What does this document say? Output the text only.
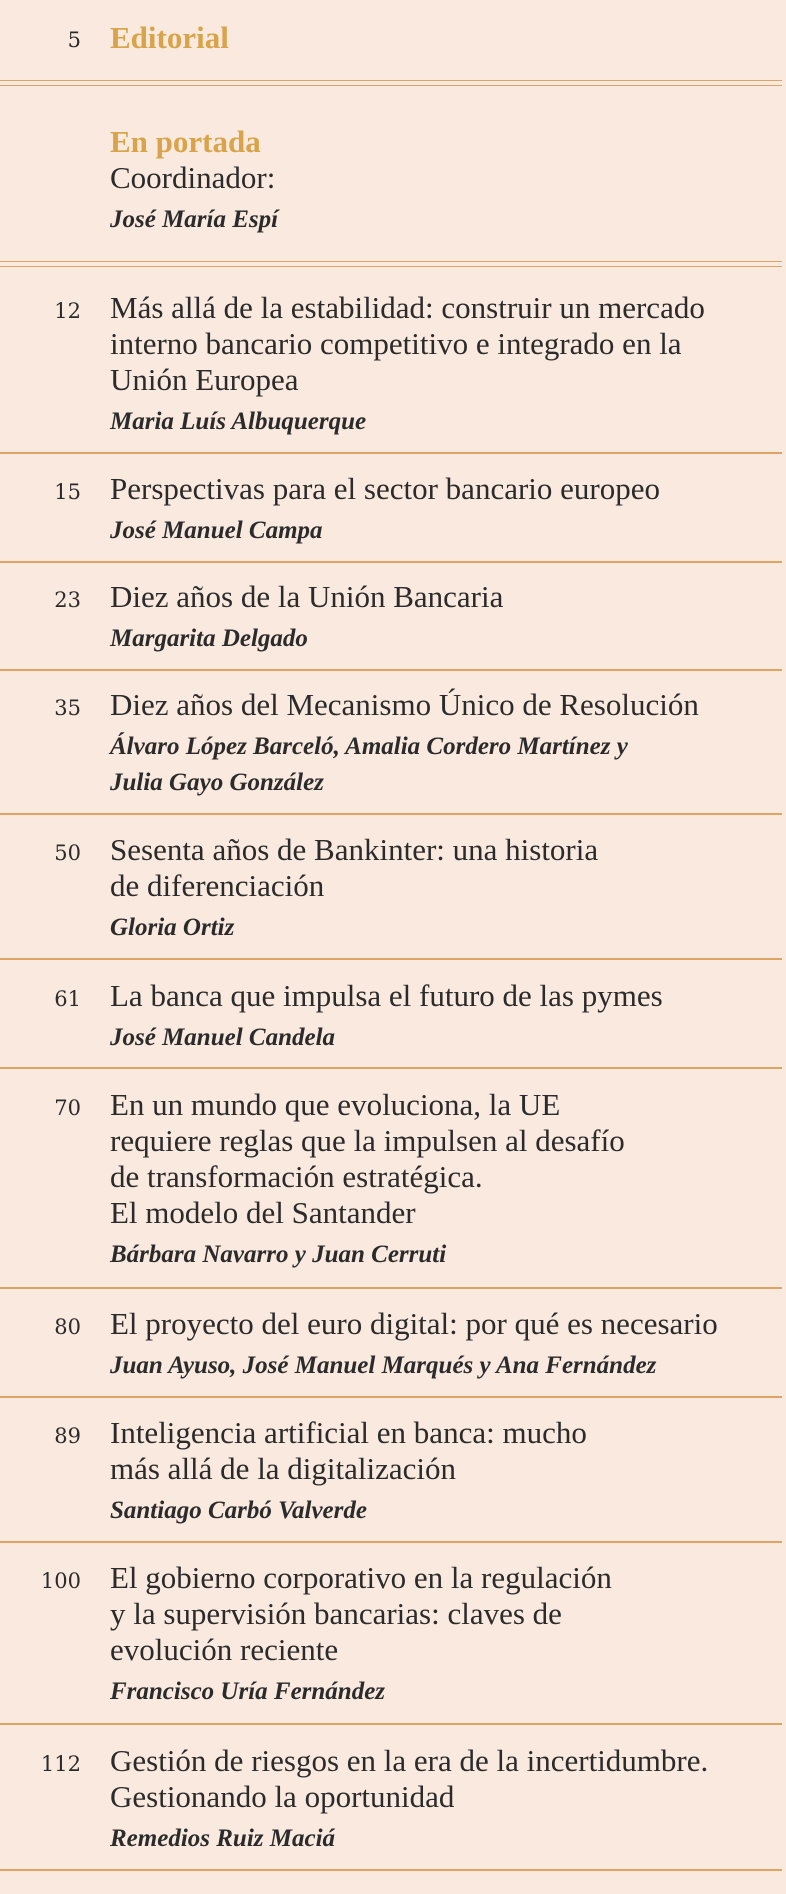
5 Editorial
En portada
Coordinador:
José María Espí
12 Más allá de la estabilidad: construir un mercado
interno bancario competitivo e integrado en la
Unión Europea
Maria Luís Albuquerque
15 Perspectivas para el sector bancario europeo
José Manuel Campa
23 Diez años de la Unión Bancaria
Margarita Delgado
35 Diez años del Mecanismo Único de Resolución
Álvaro López Barceló, Amalia Cordero Martínez y
Julia Gayo González
50 Sesenta años de Bankinter: una historia
de diferenciación
Gloria Ortiz
61 La banca que impulsa el futuro de las pymes
José Manuel Candela
70 En un mundo que evoluciona, la UE
requiere reglas que la impulsen al desafío
de transformación estratégica.
El modelo del Santander
Bárbara Navarro y Juan Cerruti
80 El proyecto del euro digital: por qué es necesario
Juan Ayuso, José Manuel Marqués y Ana Fernández
89 Inteligencia artificial en banca: mucho
más allá de la digitalización
Santiago Carbó Valverde
100 El gobierno corporativo en la regulación
y la supervisión bancarias: claves de
evolución reciente
Francisco Uría Fernández
112 Gestión de riesgos en la era de la incertidumbre.
Gestionando la oportunidad
Remedios Ruiz Maciá
